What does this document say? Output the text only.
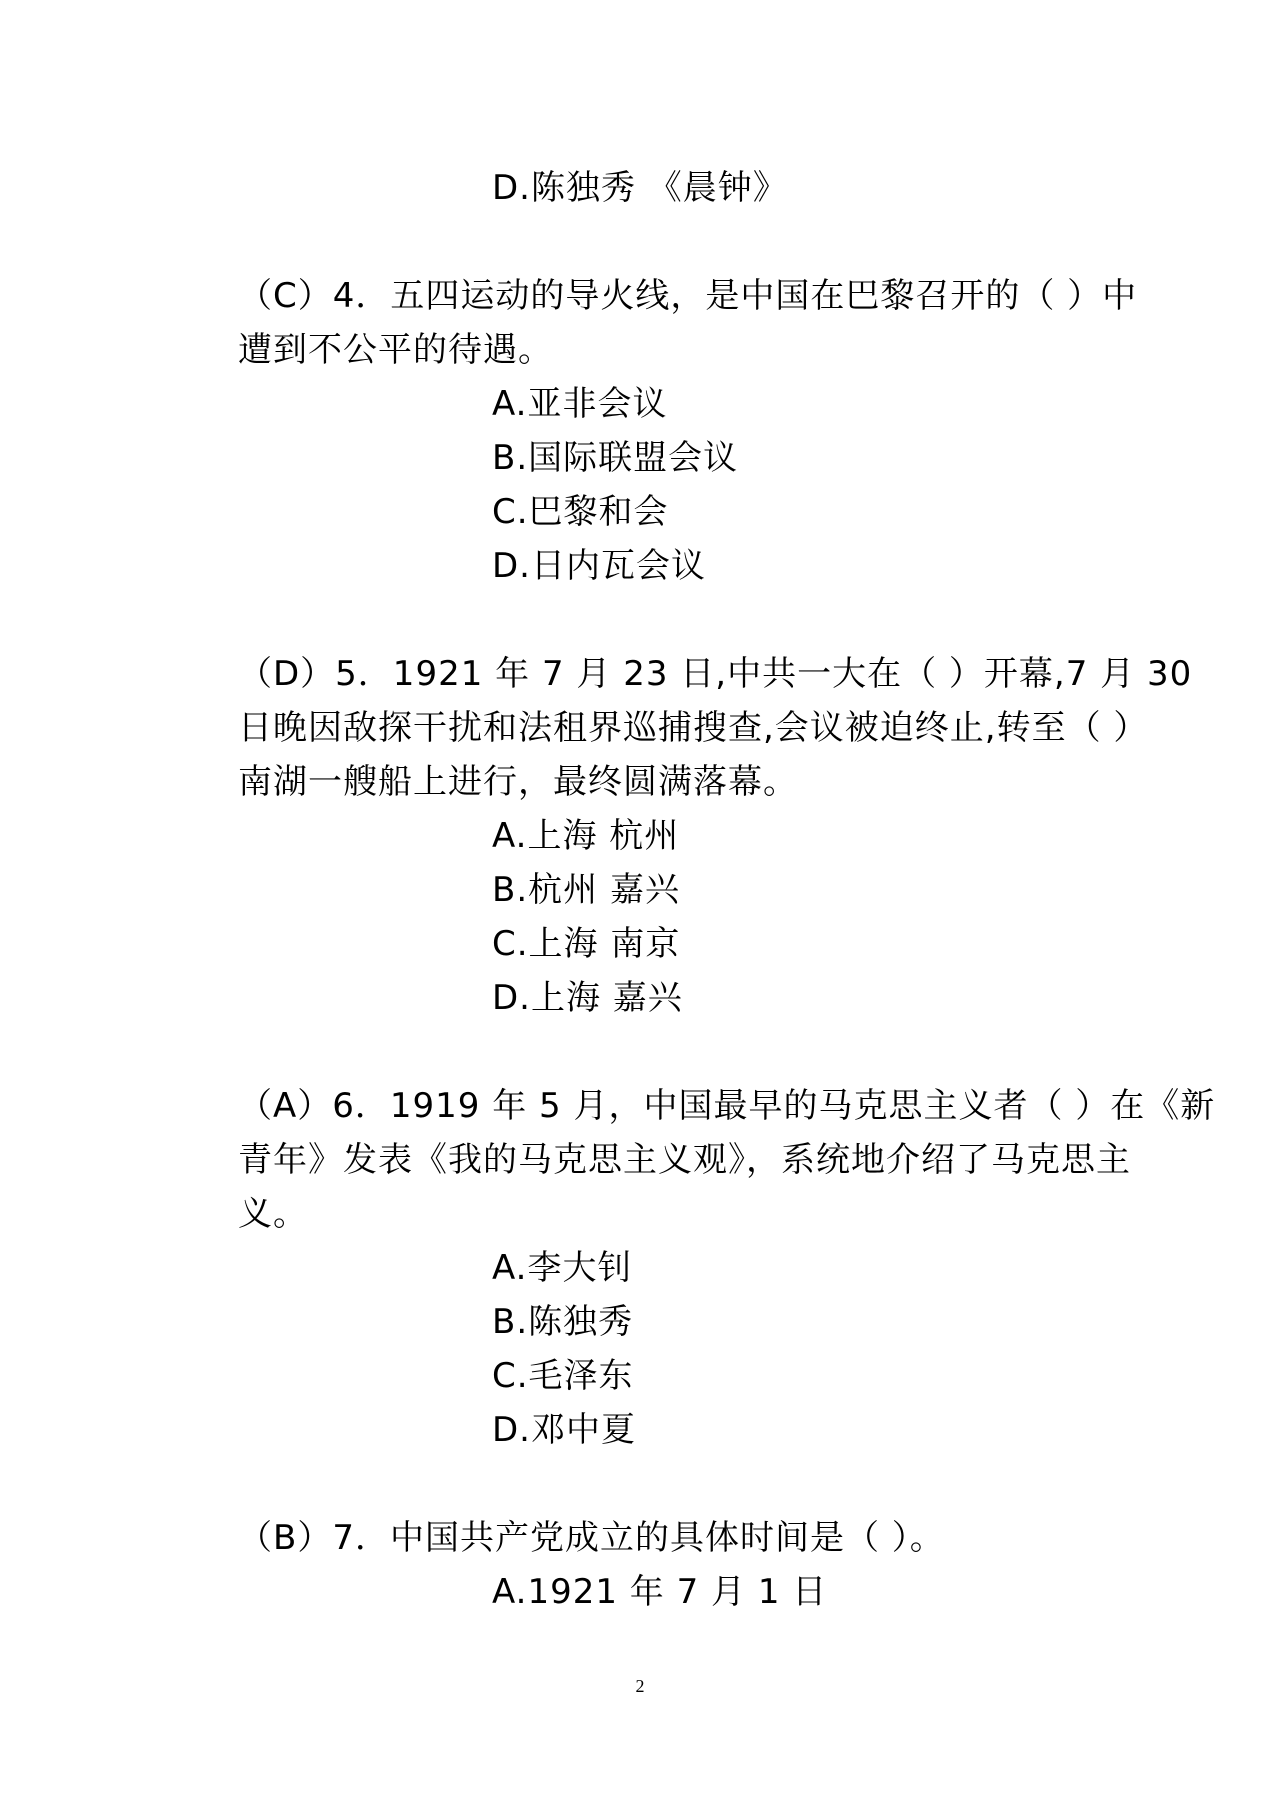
D.陈独秀 《晨钟》
（C）4．五四运动的导火线，是中国在巴黎召开的（ ）中
遭到不公平的待遇。
A.亚非会议
B.国际联盟会议
C.巴黎和会
D.日内瓦会议
（D）5．1921 年 7 月 23 日,中共一大在（ ）开幕,7 月 30
日晚因敌探干扰和法租界巡捕搜查,会议被迫终止,转至（ ）
南湖一艘船上进行，最终圆满落幕。
A.上海 杭州
B.杭州 嘉兴
C.上海 南京
D.上海 嘉兴
（A）6．1919 年 5 月，中国最早的马克思主义者（ ）在《新
青年》发表《我的马克思主义观》，系统地介绍了马克思主
义。
A.李大钊
B.陈独秀
C.毛泽东
D.邓中夏
（B）7．中国共产党成立的具体时间是（ ）。
A.1921 年 7 月 1 日
2
